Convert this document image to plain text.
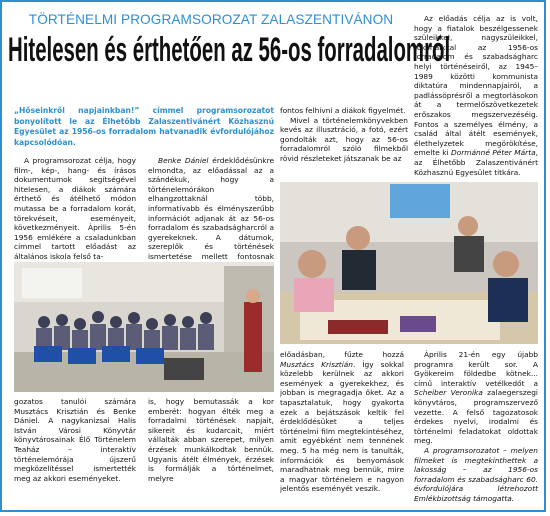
TÖRTÉNELMI PROGRAMSOROZAT ZALASZENTIVÁNON
Hitelesen és érthetően az 56-os forradalomról
„Hőseinkről napjainkban!” címmel programsorozatot bonyolított le az Élhetőbb Zalaszentivánért Közhasznú Egyesület az 1956-os forradalom hatvanadik évfordulójához kapcsolódóan.

A programsorozat célja, hogy film-, kép-, hang- és írásos dokumentumok segítségével hitelesen, a diákok számára érthető és átélhető módon mutassa be a forradalom korát, törekvéseit, eseményeit, következményeit. Április 5-én 1956 emlékére a csaladunkban címmel tartott előadást az általános iskola felső ta-

Benke Dániel érdeklődésünkre elmondta, az előadással az a szándékuk, hogy a történelemórákon elhangzottaknál több, informatívabb és élményszerűbb információt adjanak át az 56-os forradalom és szabadságharcról a gyerekeknek. A dátumok, szereplők és történések ismertetése mellett fontosnak

fontos felhívni a diákok figyelmét.

Mivel a történelemkönyvekben kevés az illusztráció, a fotó, ezért gondolták azt, hogy az 56-os forradalomról szóló filmekből rövid részleteket játszanak be az

Az előadás célja az is volt, hogy a fiatalok beszélgessenek szüleikkel, nagyszüleikkel, rokonaikkal az 1956-os forradalom és szabadságharc helyi történéseiről, az 1945–1989 közötti kommunista diktatúra mindennapjairól, a padlássöprésről a megtorlásokon át a termelőszövetkezetek erőszakos megszervezéséig. Fontos a személyes élmény, a család által átélt események, élethelyzetek megörökítése, emelte ki Dormánné Péter Márta, az Élhetőbb Zalaszentivánért Közhasznú Egyesület titkára.

gozatos tanulói számára Musztács Krisztián és Benke Dániel. A nagykanizsai Halis István Városi Könyvtár könyvtárosainak Élő Történelem Teaház – interaktív történelemórája újszerű megközelítéssel ismertették meg az akkori eseményeket.

is, hogy bemutassák a kor emberét: hogyan élték meg a forradalmi történések napjait, sikereit és kudarcait, miért vállalták abban szerepet, milyen érzések munkálkodtak bennük. Ugyanis átélt élmények, érzések is formálják a történelmet, melyre

előadásban, fűzte hozzá Musztács Krisztián. Így sokkal közelebb kerülnek az akkori események a gyerekekhez, és jobban is megragadja őket. Az a tapasztalatuk, hogy gyakorta ezek a bejátszások keltik fel érdeklődésüket a teljes történelmi film megtekintéséhez, amit egyébként nem tennének meg. 5 ha még nem is tanulták, információk és benyomások maradhatnak meg bennük, mire a magyar történelem e nagyon jelentős eseményét veszik.

Április 21-én egy újabb programra került sor. A Gyökereim földedbe kötnek... című interaktív vetélkedőt a Scheiber Veronika zalaegerszegi könyvtáros, programszervező vezette. A felső tagozatosok érdekes nyelvi, irodalmi és történelmi feladatokat oldottak meg.

A programsorozatot – melyen filmeket is megtekinthettek a lakosság – az 1956-os forradalom és szabadságharc 60. évfordulójára létrehozott Emlékbizottság támogatta.
